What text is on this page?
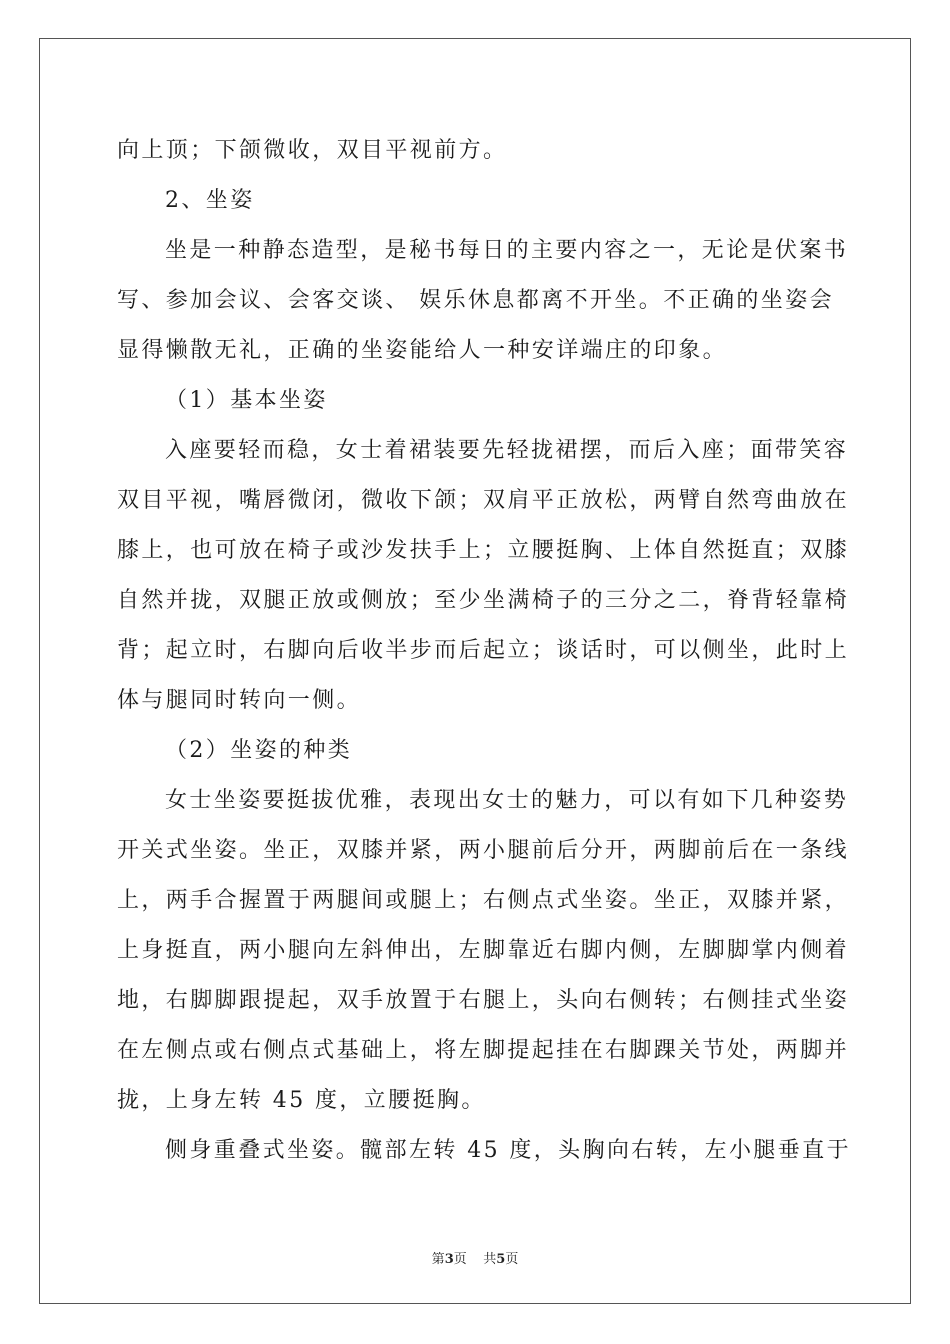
向上顶；下颌微收，双目平视前方。
2、坐姿
坐是一种静态造型，是秘书每日的主要内容之一，无论是伏案书
写、参加会议、会客交谈、 娱乐休息都离不开坐。不正确的坐姿会
显得懒散无礼，正确的坐姿能给人一种安详端庄的印象。
（1）基本坐姿
入座要轻而稳，女士着裙装要先轻拢裙摆，而后入座；面带笑容
双目平视，嘴唇微闭，微收下颌；双肩平正放松，两臂自然弯曲放在
膝上，也可放在椅子或沙发扶手上；立腰挺胸、上体自然挺直；双膝
自然并拢，双腿正放或侧放；至少坐满椅子的三分之二，脊背轻靠椅
背；起立时，右脚向后收半步而后起立；谈话时，可以侧坐，此时上
体与腿同时转向一侧。
（2）坐姿的种类
女士坐姿要挺拔优雅，表现出女士的魅力，可以有如下几种姿势
开关式坐姿。坐正，双膝并紧，两小腿前后分开，两脚前后在一条线
上，两手合握置于两腿间或腿上；右侧点式坐姿。坐正，双膝并紧，
上身挺直，两小腿向左斜伸出，左脚靠近右脚内侧，左脚脚掌内侧着
地，右脚脚跟提起，双手放置于右腿上，头向右侧转；右侧挂式坐姿
在左侧点或右侧点式基础上，将左脚提起挂在右脚踝关节处，两脚并
拢，上身左转 45 度，立腰挺胸。
侧身重叠式坐姿。髋部左转 45 度，头胸向右转，左小腿垂直于
第3页    共5页
